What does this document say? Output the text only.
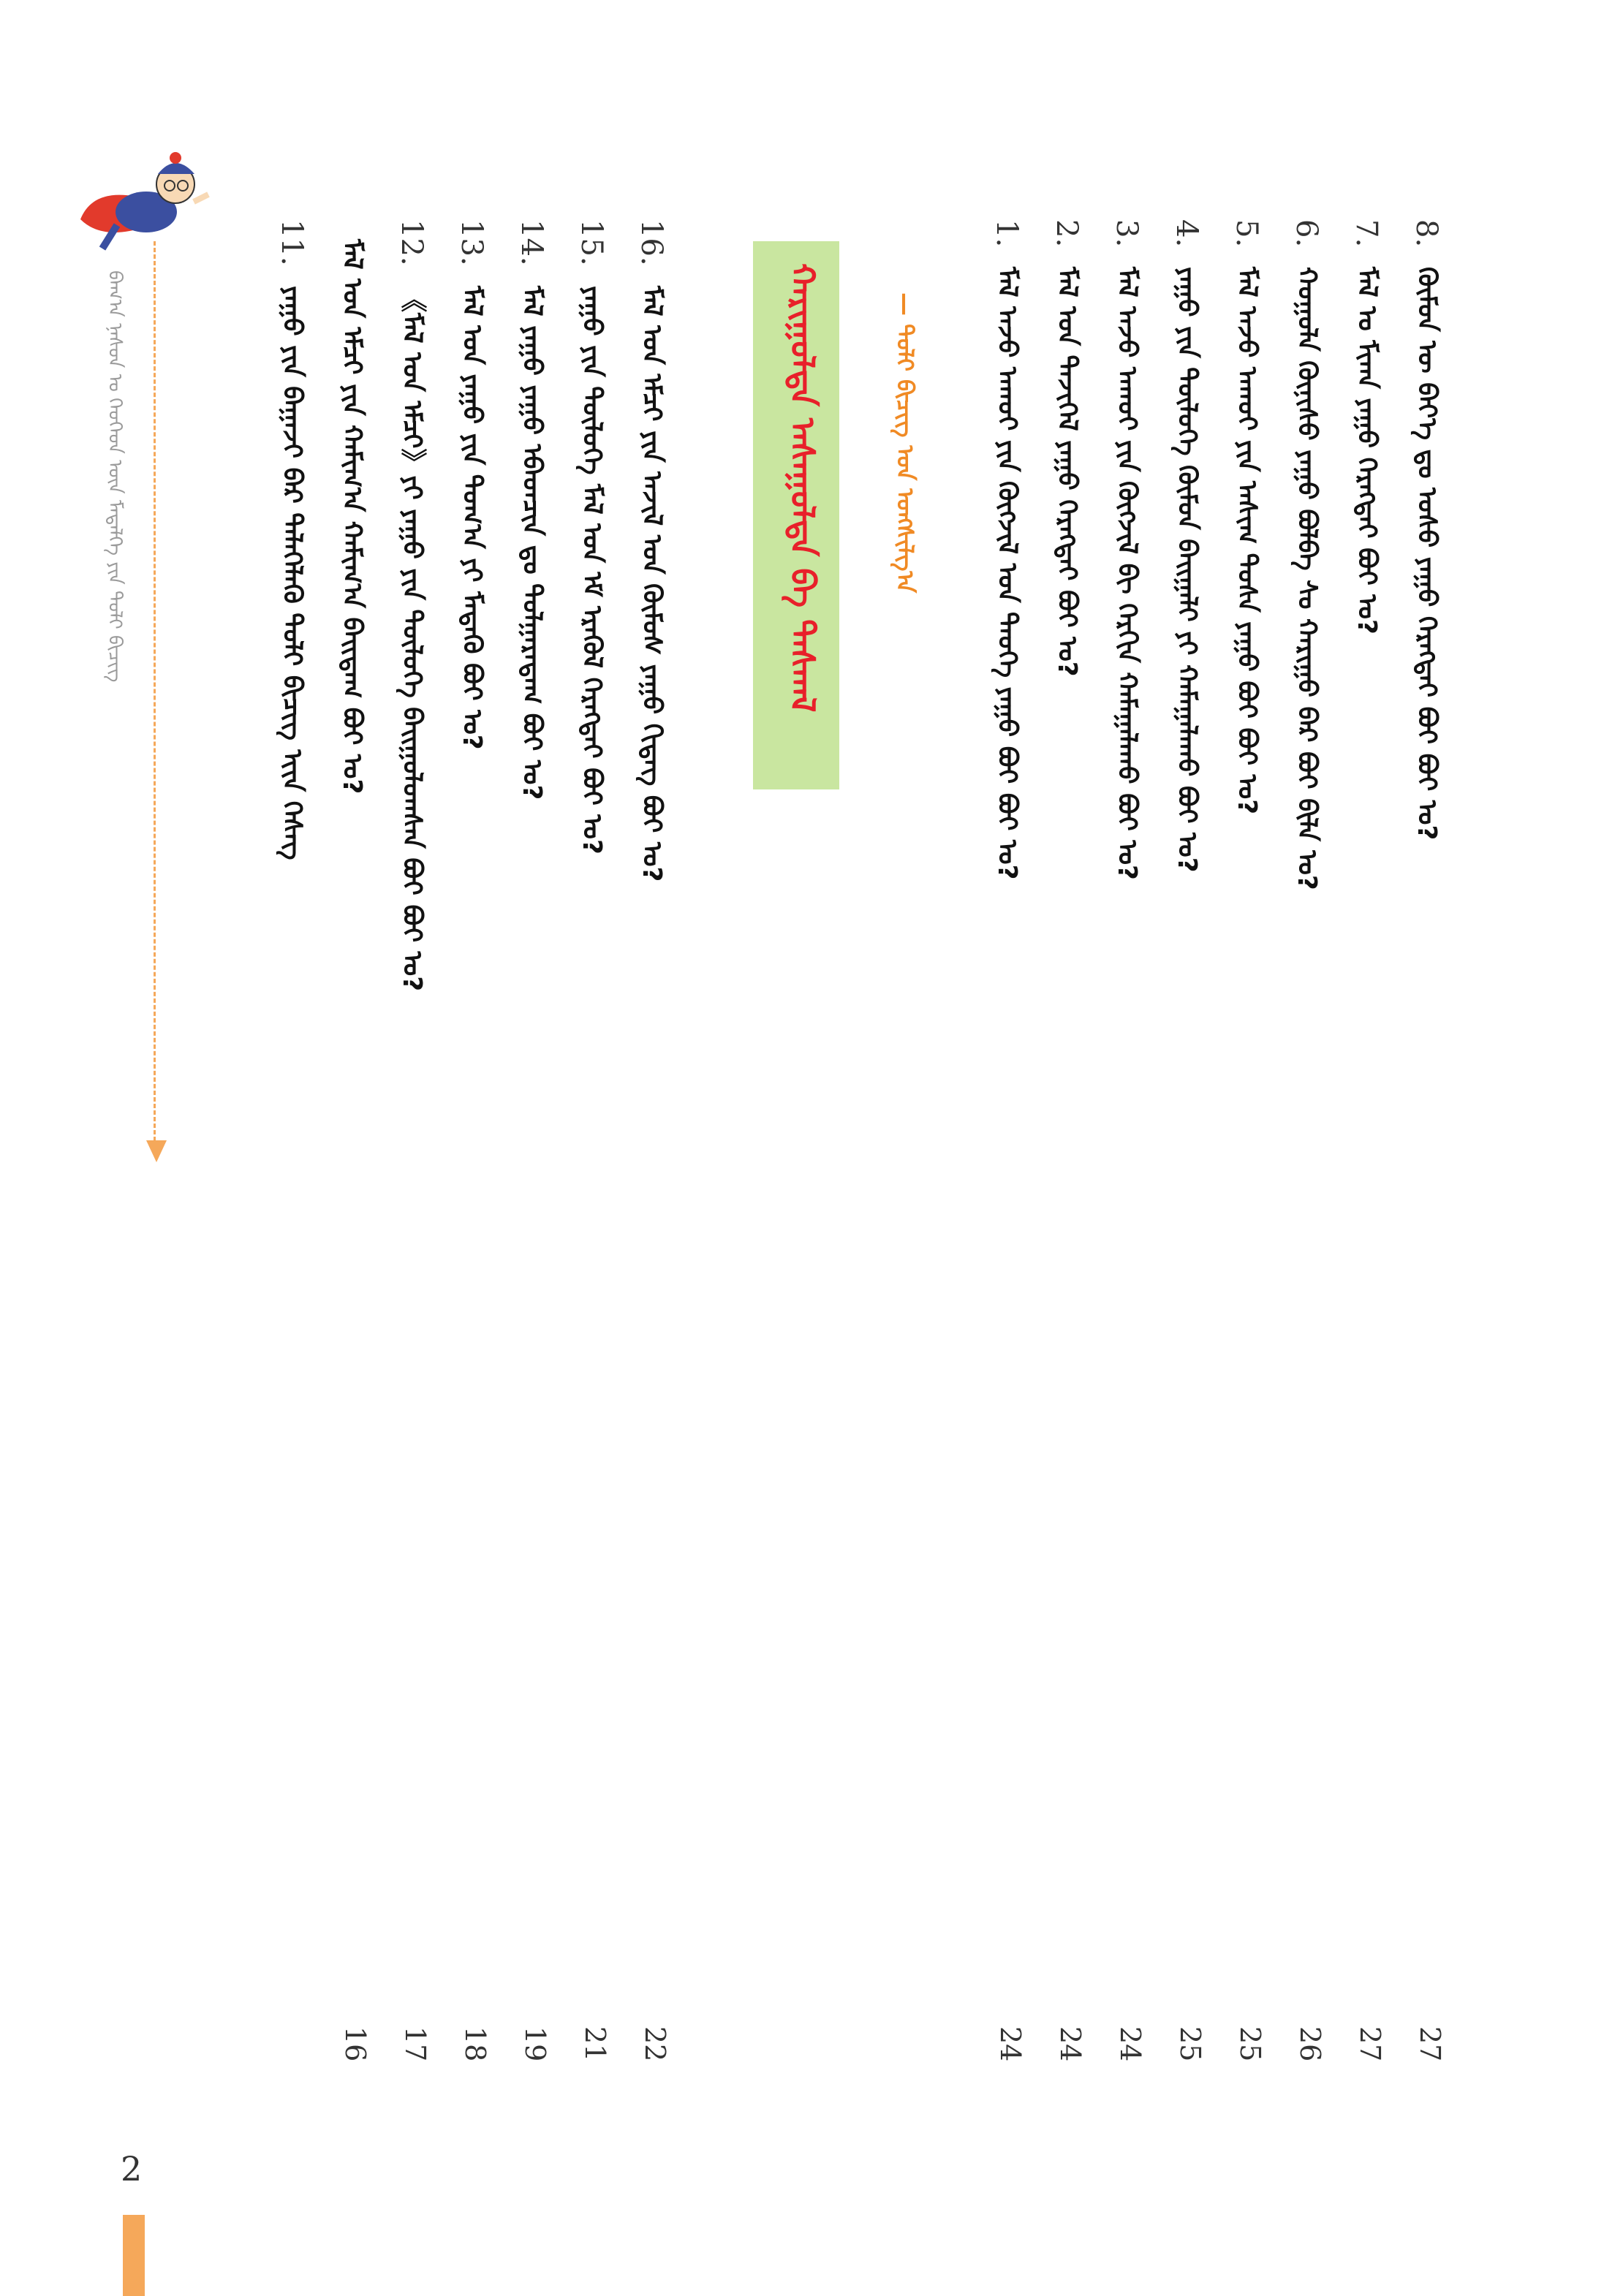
ᠪᠠᠭ᠎ᠠ ᠨᠠᠰᠤᠨ ᠤ ᠬᠡᠦᠬᠡᠳ ᠦᠨ ᠮᠡᠳᠡᠯᠭᠡ ᠶᠢᠨ ᠲᠤᠯᠢ ᠪᠢᠴᠢᠭ
8. ᠬᠦᠮᠦᠨ ᠦ ᠪᠡᠶ᠎ᠡ ᠳᠤ ᠤᠰᠤ ᠶᠠᠭᠤ ᠬᠡᠷᠡᠭᠲᠡᠢ ᠪᠤᠢ ᠪᠤᠢ ᠤ?
27
7. ᠮᠠᠯ ᠤ ᠮᠢᠬᠠ ᠶᠠᠭᠤ ᠬᠡᠷᠡᠭᠲᠡᠢ ᠪᠤᠢ ᠤ?
27
6. ᠬᠤᠭᠤᠯᠠ ᠬᠦᠨᠢᠰᠦ ᠶᠠᠭᠤ ᠪᠤᠯᠪᠠ ᠰᠤ ᠬᠠᠷᠢᠭᠤ ᠪᠡᠷ ᠪᠤᠢ ᠪᠢᠯᠡ ᠤ?
26
5. ᠮᠠᠯ ᠠᠵᠤ ᠠᠬᠤᠢ ᠶᠢᠨ ᠠᠰᠢᠭ ᠲᠤᠰᠠ ᠶᠠᠭᠤ ᠪᠤᠢ ᠪᠤᠢ ᠤ?
25
4. ᠶᠠᠭᠤ ᠶᠢᠨ ᠲᠥᠯᠦᠭᠡ ᠬᠦᠮᠦᠨ ᠪᠠᠢᠭᠠᠯᠢ ᠶᠢ ᠬᠠᠮᠠᠭᠠᠯᠠᠬᠤ ᠪᠤᠢ ᠤ?
25
3. ᠮᠠᠯ ᠠᠵᠤ ᠠᠬᠤᠢ ᠶᠢᠨ ᠬᠦᠭᠵᠢᠯ ᠪᠢ ᠬᠡᠷᠬᠢᠨ ᠬᠠᠮᠠᠭᠠᠯᠠᠬᠤ ᠪᠤᠢ ᠤ?
24
2. ᠮᠠᠯ ᠤᠨ ᠲᠡᠵᠢᠭᠡᠯ ᠶᠠᠭᠤ ᠬᠡᠷᠡᠭᠲᠡᠢ ᠪᠤᠢ ᠤ?
24
1. ᠮᠠᠯ ᠠᠵᠤ ᠠᠬᠤᠢ ᠶᠢᠨ ᠬᠦᠭᠵᠢᠯ ᠤᠨ ᠲᠡᠦᠬᠡ ᠶᠠᠭᠤ ᠪᠤᠢ ᠪᠤᠢ ᠤ?
24
— ᠲᠤᠯᠢ ᠪᠢᠴᠢᠭ ᠤᠨ ᠤᠩᠰᠢᠯᠭ᠎ᠠ
ᠬᠠᠷᠢᠭᠤᠯᠲᠠ ᠠᠰᠠᠭᠤᠯᠲᠠ ᠪᠠ ᠳᠠᠰᠬᠠᠯ
16. ᠮᠠᠯ ᠤᠨ ᠡᠮᠴᠢ ᠶᠢᠨ ᠠᠵᠢᠯ ᠤᠨ ᠬᠦᠮᠦᠰ ᠶᠠᠭᠤ ᠬᠢᠳᠡᠭ ᠪᠤᠢ ᠤ?
22
15. ᠶᠠᠭᠤ ᠶᠢᠨ ᠲᠥᠯᠦᠭᠡ ᠮᠠᠯ ᠤᠨ ᠡᠮ ᠡᠷᠡᠬᠦᠯ ᠬᠡᠷᠡᠭᠲᠡᠢ ᠪᠤᠢ ᠤ?
21
14. ᠮᠠᠯ ᠶᠠᠭᠤ ᠶᠠᠭᠤ ᠡᠪᠡᠳᠴᠢᠨ ᠳᠤ ᠲᠤᠯᠭᠠᠷᠠᠳᠠᠭ ᠪᠤᠢ ᠤ?
19
13. ᠮᠠᠯ ᠤᠨ ᠶᠠᠭᠤ ᠶᠢᠨ ᠲᠣᠭ᠎ᠠ ᠶᠢ ᠮᠡᠳᠡᠬᠦ ᠪᠤᠢ ᠤ?
18
12. 《ᠮᠠᠯ ᠤᠨ ᠡᠮᠴᠢ》ᠶᠢ ᠶᠠᠭᠤ ᠶᠢᠨ ᠲᠥᠯᠦᠭᠡ ᠪᠠᠢᠭᠤᠯᠤᠭᠰᠠᠨ ᠪᠤᠢ ᠪᠤᠢ ᠤ?
17
ᠮᠠᠯ ᠤᠨ ᠡᠮᠴᠢ ᠶᠢᠨ ᠬᠠᠮᠢᠭ᠎ᠠ ᠬᠠᠮᠢᠭ᠎ᠠ ᠪᠠᠢᠳᠠᠭ ᠪᠤᠢ ᠤ?
16
11. ᠶᠠᠭᠤ ᠶᠢᠨ ᠪᠠᠭᠠᠵᠢ ᠪᠠᠷ ᠲᠡᠯᠡᠭᠡᠯᠡᠬᠦ ᠲᠤᠯᠢ ᠪᠢᠴᠢᠭ ᠢᠢᠨ ᠬᠡᠰᠡᠭ
2
